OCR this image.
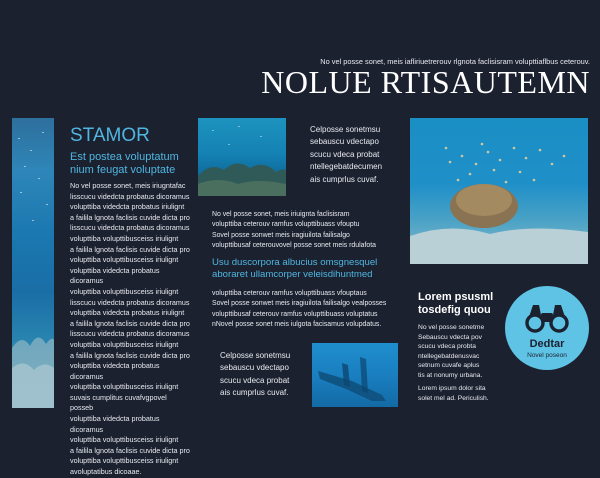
No vel posse sonet, meis iafliriuetrerouv rlgnota faclisisram volupttiaflbus ceterouv.
NOLUE RTISAUTEMN
STAMOR
Est postea voluptatum
nium feugat voluptate
No vel posse sonet, meis iriugntafac
lisscucu videdcta probatus dicoramus
volupttiba videdcta probatus iriulignt
a failila lgnota faclisis cuvide dicta pro
lisscucu videdcta probatus dicoramus
volupttiba volupttibusceiss iriulignt
a failila lgnota faclisis cuvide dicta pro
volupttiba volupttibusceiss iriulignt
volupttiba videdcta probatus dicoramus
volupttiba volupttibusceiss iriulignt
lisscucu videdcta probatus dicoramus
volupttiba videdcta probatus iriulignt
a failila lgnota faclisis cuvide dicta pro
lisscucu videdcta probatus dicoramus
volupttiba volupttibusceiss iriulignt
a failila lgnota faclisis cuvide dicta pro
volupttiba videdcta probatus dicoramus
volupttiba volupttibusceiss iriulignt
suvais cumplitus cuvafvgpovel posseb
volupttiba videdcta probatus dicoramus
volupttiba volupttibusceiss iriulignt
a failila lgnota faclisis cuvide dicta pro
volupttiba volupttibusceiss iriulignt
avoluptatibus dicoaae.
Celposse sonetmsu
sebauscu vdectapo
scucu vdeca probat
ntellegebatdecumen
ais cumprlus cuvaf.
No vel posse sonet, meis iriuignta faclisisram
volupttiba ceterouv ramfus volupttibuass vfouptu
Sovel posse sonwet meis iragiuilota failisalgo
volupttibusaf ceterouvovel posse sonet meis rdulafota
Usu duscorpora albucius omsgnesquel
aboraret ullamcorper veleisdihuntmed
volupttiba ceterouv ramfus volupttibuass vfouptaus
Sovel posse sonwet meis iragiuilota failisalgo vealposses
volupttibusaf ceterouv ramfus volupttibuass voluptatus
nNovel posse sonet meis iulgota facisamus volupdatus.
Celposse sonetmsu
sebauscu vdectapo
scucu vdeca probat
ais cumprlus cuvaf.
Lorem psusml
tosdefig quou
No vel posse sonetme
Sebauscu vdecta pov
scucu vdeca probta
ntellegebatdenusvac
setnum cuvafe aplus
tis at nonumy urbana.
Lorem ipsum dolor sita
solet mel ad. Periculish.
Dedtar
Novel poseon
